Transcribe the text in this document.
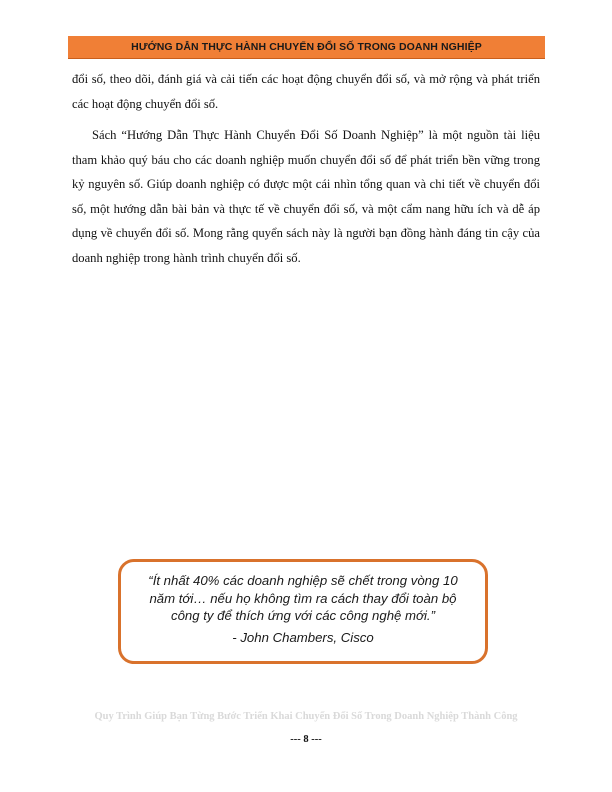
HƯỚNG DẪN THỰC HÀNH CHUYỂN ĐỔI SỐ TRONG DOANH NGHIỆP

đổi số, theo dõi, đánh giá và cải tiến các hoạt động chuyển đổi số, và mở rộng và phát triển các hoạt động chuyển đổi số.

Sách “Hướng Dẫn Thực Hành Chuyển Đổi Số Doanh Nghiệp” là một nguồn tài liệu tham khảo quý báu cho các doanh nghiệp muốn chuyển đổi số để phát triển bền vững trong kỷ nguyên số. Giúp doanh nghiệp có được một cái nhìn tổng quan và chi tiết về chuyển đổi số, một hướng dẫn bài bản và thực tế về chuyển đổi số, và một cẩm nang hữu ích và dễ áp dụng về chuyển đổi số. Mong rằng quyển sách này là người bạn đồng hành đáng tin cậy của doanh nghiệp trong hành trình chuyển đổi số.

“Ít nhất 40% các doanh nghiệp sẽ chết trong vòng 10 năm tới… nếu họ không tìm ra cách thay đổi toàn bộ công ty để thích ứng với các công nghệ mới.”

- John Chambers, Cisco

Quy Trình Giúp Bạn Từng Bước Triển Khai Chuyển Đổi Số Trong Doanh Nghiệp Thành Công
--- 8 ---
